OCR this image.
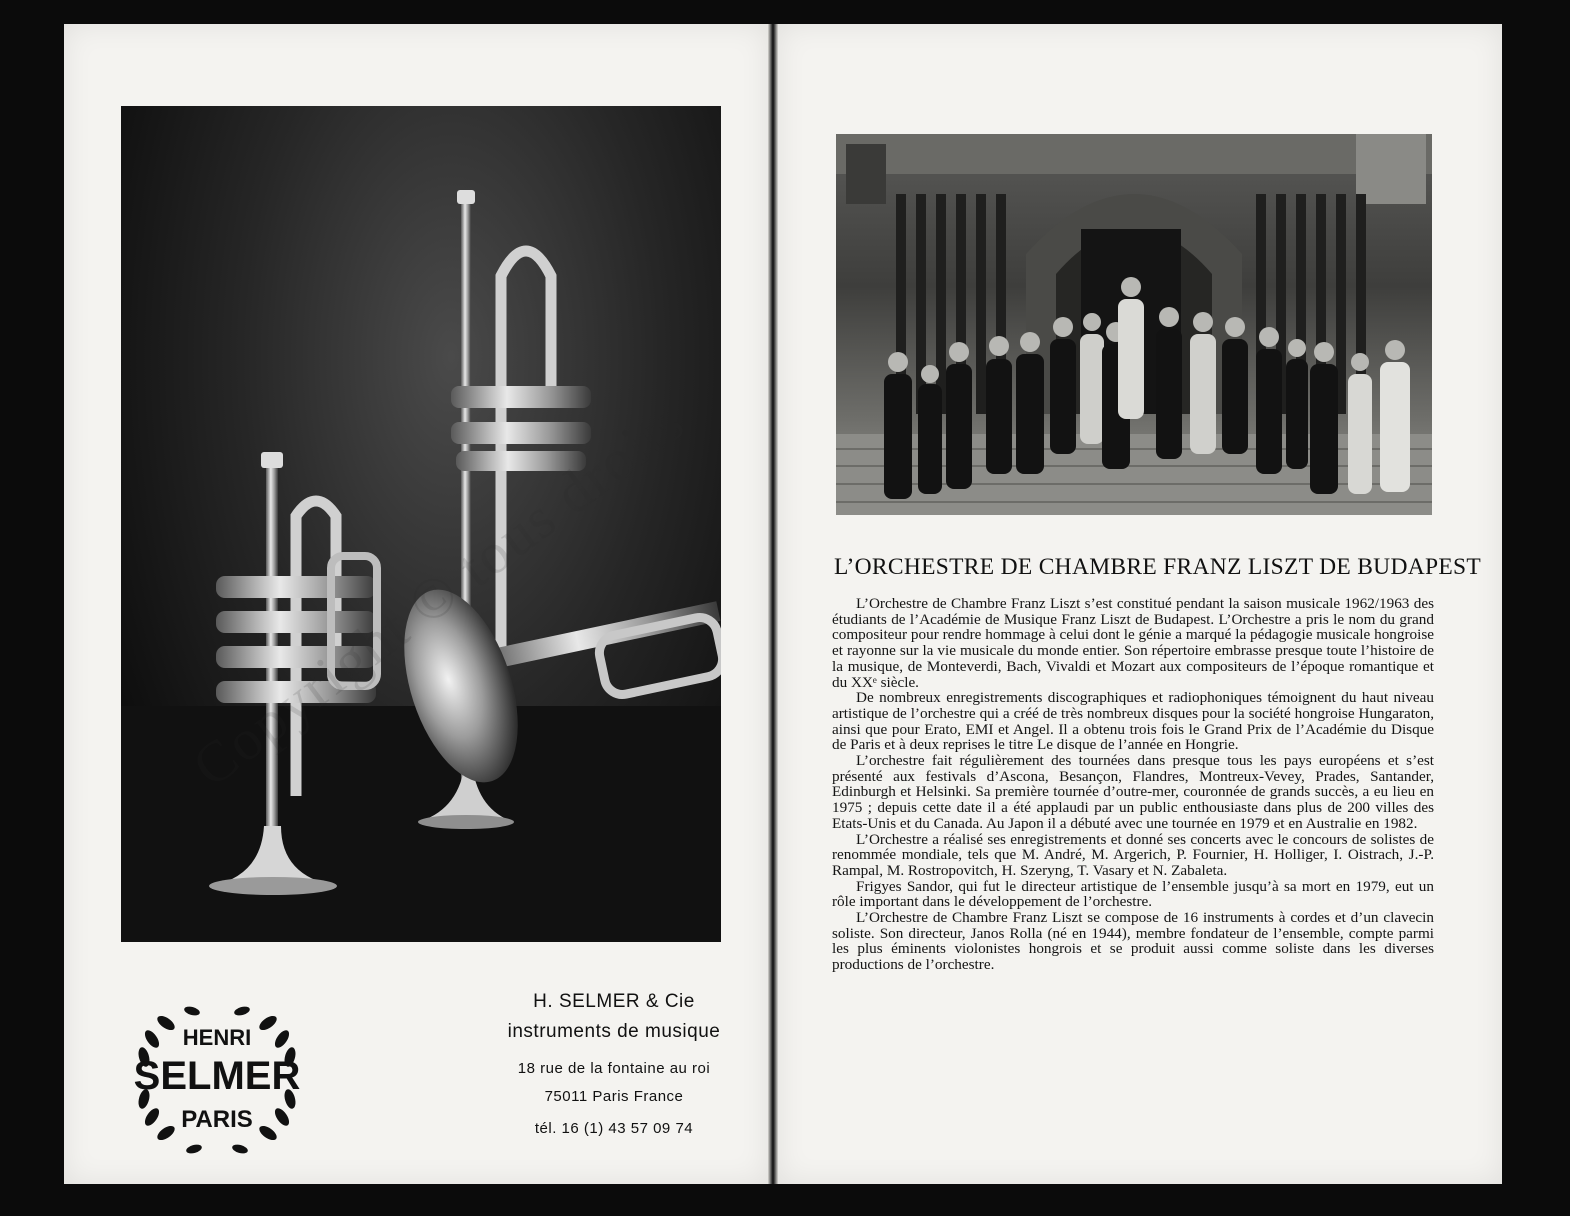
HENRI
SELMER
PARIS
H. SELMER & Cie
instruments de musique
18 rue de la fontaine au roi
75011 Paris France
tél. 16 (1) 43 57 09 74
L’ORCHESTRE DE CHAMBRE FRANZ LISZT DE BUDAPEST

L’Orchestre de Chambre Franz Liszt s’est constitué pendant la saison musicale 1962/1963 des étudiants de l’Académie de Musique Franz Liszt de Budapest. L’Orchestre a pris le nom du grand compositeur pour rendre hommage à celui dont le génie a marqué la pédagogie musicale hongroise et rayonne sur la vie musicale du monde entier. Son répertoire embrasse presque toute l’histoire de la musique, de Monteverdi, Bach, Vivaldi et Mozart aux compositeurs de l’époque romantique et du XXᵉ siècle.

De nombreux enregistrements discographiques et radiophoniques témoignent du haut niveau artistique de l’orchestre qui a créé de très nombreux disques pour la société hongroise Hungaraton, ainsi que pour Erato, EMI et Angel. Il a obtenu trois fois le Grand Prix de l’Académie du Disque de Paris et à deux reprises le titre Le disque de l’année en Hongrie.

L’orchestre fait régulièrement des tournées dans presque tous les pays européens et s’est présenté aux festivals d’Ascona, Besançon, Flandres, Montreux-Vevey, Prades, Santander, Edinburgh et Helsinki. Sa première tournée d’outre-mer, couronnée de grands succès, a eu lieu en 1975 ; depuis cette date il a été applaudi par un public enthousiaste dans plus de 200 villes des Etats-Unis et du Canada. Au Japon il a débuté avec une tournée en 1979 et en Australie en 1982.

L’Orchestre a réalisé ses enregistrements et donné ses concerts avec le concours de solistes de renommée mondiale, tels que M. André, M. Argerich, P. Fournier, H. Holliger, I. Oistrach, J.-P. Rampal, M. Rostropovitch, H. Szeryng, T. Vasary et N. Zabaleta.

Frigyes Sandor, qui fut le directeur artistique de l’ensemble jusqu’à sa mort en 1979, eut un rôle important dans le développement de l’orchestre.

L’Orchestre de Chambre Franz Liszt se compose de 16 instruments à cordes et d’un clavecin soliste. Son directeur, Janos Rolla (né en 1944), membre fondateur de l’ensemble, compte parmi les plus éminents violonistes hongrois et se produit aussi comme soliste dans les diverses productions de l’orchestre.
